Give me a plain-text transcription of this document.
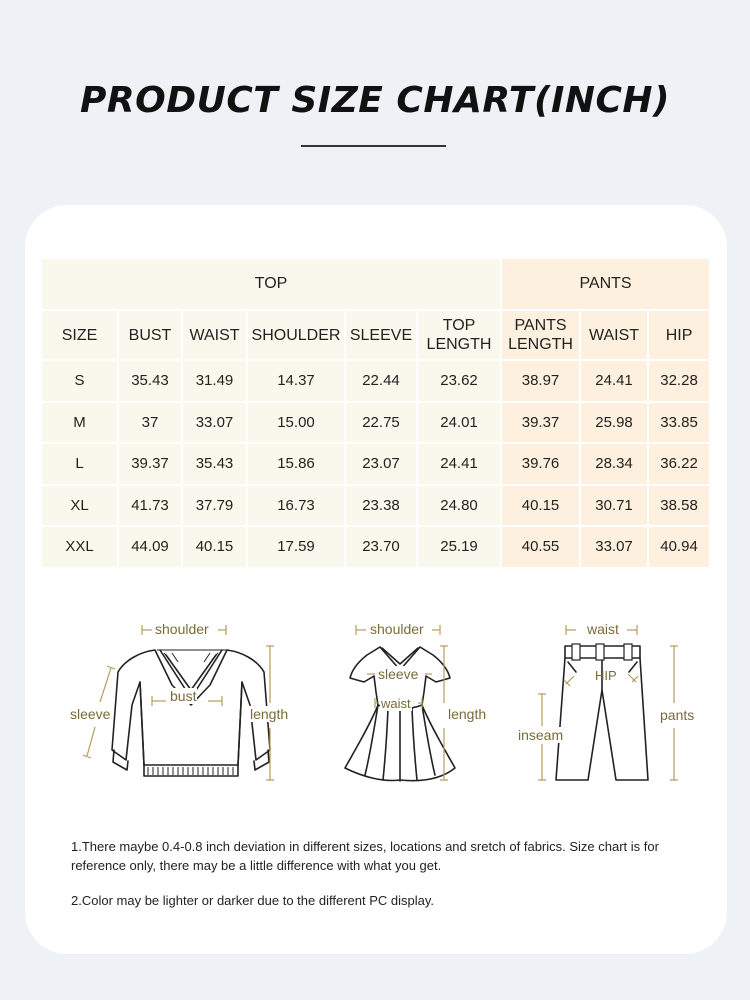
PRODUCT SIZE CHART(INCH)
TOP						PANTS		
SIZE	BUST	WAIST	SHOULDER	SLEEVE	TOP LENGTH	PANTS LENGTH	WAIST	HIP
S	35.43	31.49	14.37	22.44	23.62	38.97	24.41	32.28
M	37	33.07	15.00	22.75	24.01	39.37	25.98	33.85
L	39.37	35.43	15.86	23.07	24.41	39.76	28.34	36.22
XL	41.73	37.79	16.73	23.38	24.80	40.15	30.71	38.58
XXL	44.09	40.15	17.59	23.70	25.19	40.55	33.07	40.94
shoulder
bust
sleeve	length
shoulder
sleeve
waist
length
waist
HIP
inseam
pants
1.There maybe 0.4-0.8 inch deviation in different sizes, locations and sretch of fabrics. Size chart is for reference only, there may be a little difference with what you get.
2.Color may be lighter or darker due to the different PC display.
